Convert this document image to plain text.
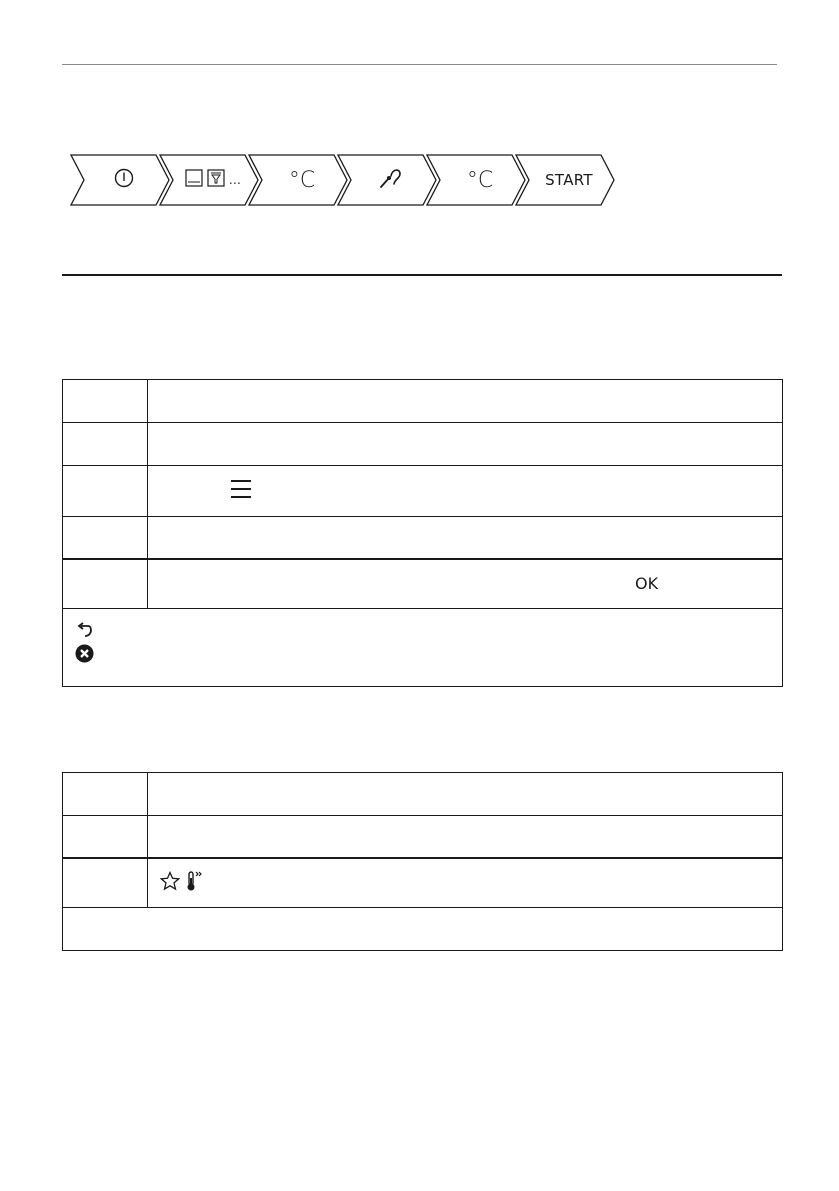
... °C	°C	START

	OK
